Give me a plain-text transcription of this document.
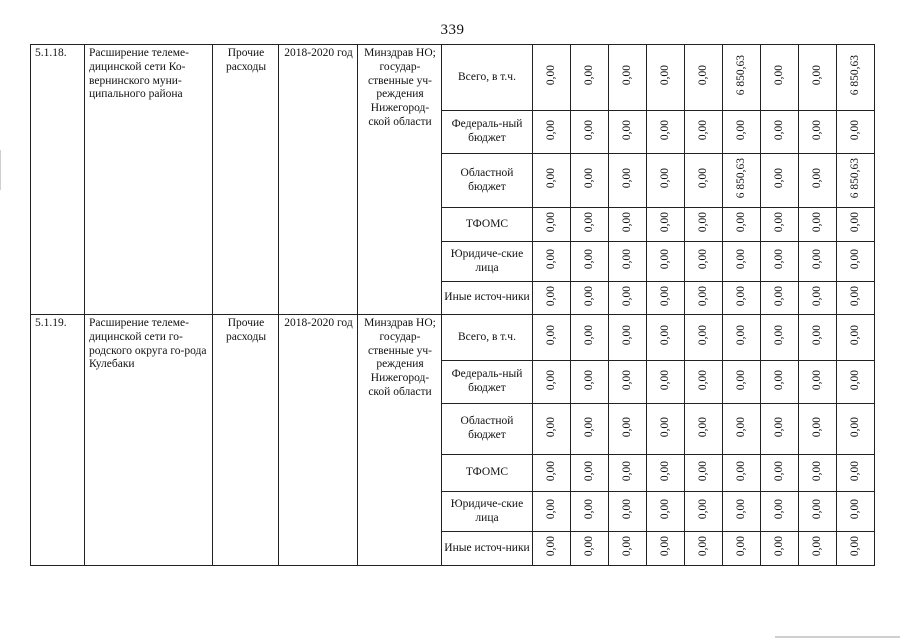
339
5.1.18.	Расширение телеме-дицинской сети Ко-вернинского муни-ципального района	Прочие расходы	2018-2020 год	Минздрав НО; государ-ственные уч-реждения Нижегород-ской области	Всего, в т.ч.	0,00	0,00	0,00	0,00	0,00	6 850,63	0,00	0,00	6 850,63
					Федераль-ный бюджет	0,00	0,00	0,00	0,00	0,00	0,00	0,00	0,00	0,00
					Областной бюджет	0,00	0,00	0,00	0,00	0,00	6 850,63	0,00	0,00	6 850,63
					ТФОМС	0,00	0,00	0,00	0,00	0,00	0,00	0,00	0,00	0,00
					Юридиче-ские лица	0,00	0,00	0,00	0,00	0,00	0,00	0,00	0,00	0,00
					Иные источ-ники	0,00	0,00	0,00	0,00	0,00	0,00	0,00	0,00	0,00
5.1.19.	Расширение телеме-дицинской сети го-родского округа го-рода Кулебаки	Прочие расходы	2018-2020 год	Минздрав НО; государ-ственные уч-реждения Нижегород-ской области	Всего, в т.ч.	0,00	0,00	0,00	0,00	0,00	0,00	0,00	0,00	0,00
					Федераль-ный бюджет	0,00	0,00	0,00	0,00	0,00	0,00	0,00	0,00	0,00
					Областной бюджет	0,00	0,00	0,00	0,00	0,00	0,00	0,00	0,00	0,00
					ТФОМС	0,00	0,00	0,00	0,00	0,00	0,00	0,00	0,00	0,00
					Юридиче-ские лица	0,00	0,00	0,00	0,00	0,00	0,00	0,00	0,00	0,00
					Иные источ-ники	0,00	0,00	0,00	0,00	0,00	0,00	0,00	0,00	0,00
